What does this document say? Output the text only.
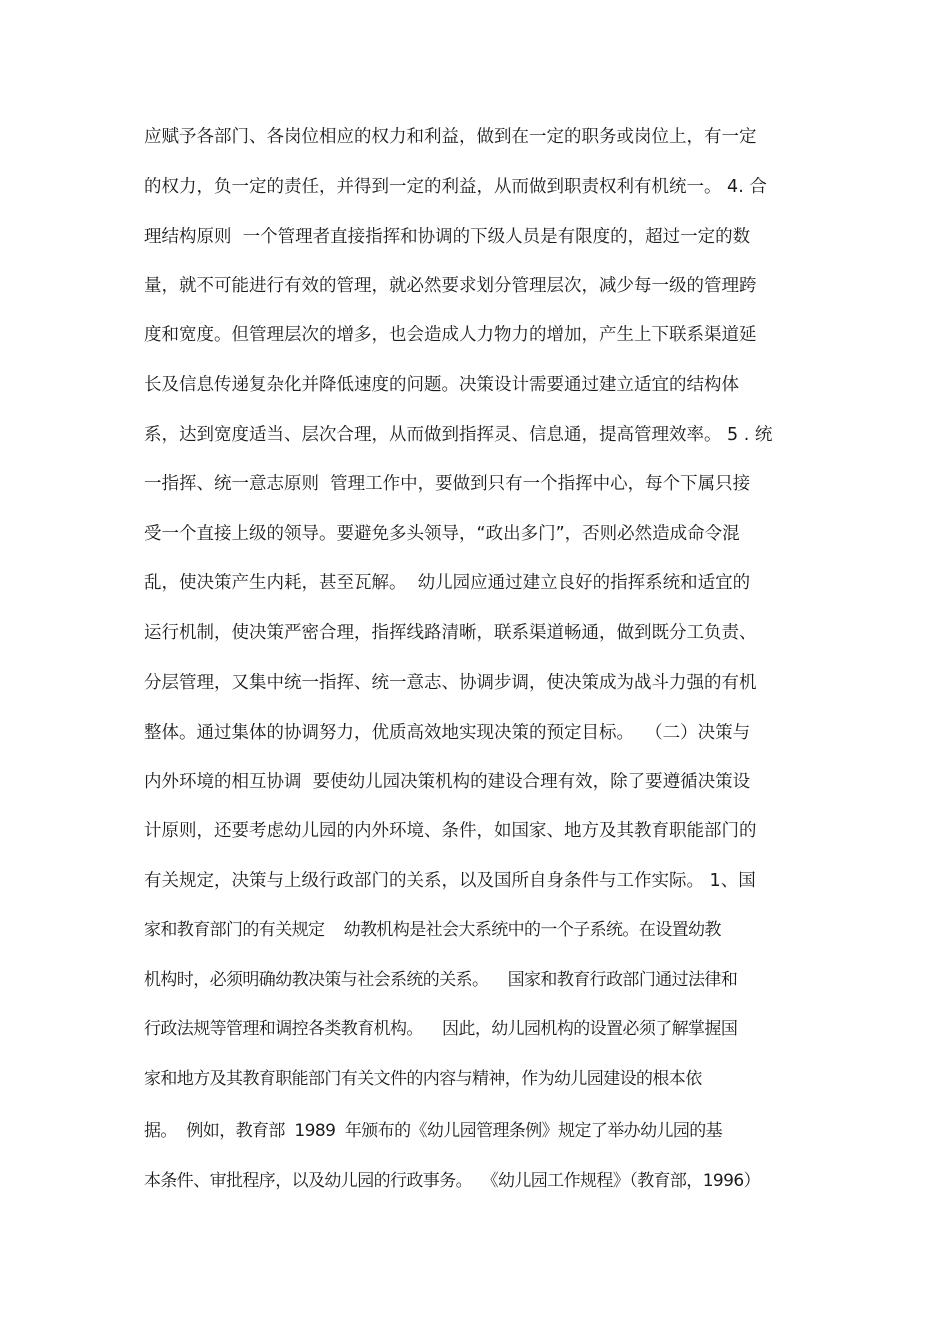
应赋予各部门、各岗位相应的权力和利益，做到在一定的职务或岗位上，有一定
的权力，负一定的责任，并得到一定的利益，从而做到职责权利有机统一。 4. 合
理结构原则  一个管理者直接指挥和协调的下级人员是有限度的，超过一定的数
量，就不可能进行有效的管理，就必然要求划分管理层次，减少每一级的管理跨
度和宽度。但管理层次的增多，也会造成人力物力的增加，产生上下联系渠道延
长及信息传递复杂化并降低速度的问题。决策设计需要通过建立适宜的结构体
系，达到宽度适当、层次合理，从而做到指挥灵、信息通，提高管理效率。 5 . 统
一指挥、统一意志原则  管理工作中，要做到只有一个指挥中心，每个下属只接
受一个直接上级的领导。要避免多头领导，“政出多门”，否则必然造成命令混
乱，使决策产生内耗，甚至瓦解。  幼儿园应通过建立良好的指挥系统和适宜的
运行机制，使决策严密合理，指挥线路清晰，联系渠道畅通，做到既分工负责、
分层管理，又集中统一指挥、统一意志、协调步调，使决策成为战斗力强的有机
整体。通过集体的协调努力，优质高效地实现决策的预定目标。  （二）决策与
内外环境的相互协调  要使幼儿园决策机构的建设合理有效，除了要遵循决策设
计原则，还要考虑幼儿园的内外环境、条件，如国家、地方及其教育职能部门的
有关规定，决策与上级行政部门的关系，以及国所自身条件与工作实际。 1、国
家和教育部门的有关规定    幼教机构是社会大系统中的一个子系统。在设置幼教
机构时，必须明确幼教决策与社会系统的关系。    国家和教育行政部门通过法律和
行政法规等管理和调控各类教育机构。    因此，幼儿园机构的设置必须了解掌握国
家和地方及其教育职能部门有关文件的内容与精神，作为幼儿园建设的根本依
据。  例如，教育部  1989  年颁布的《幼儿园管理条例》规定了举办幼儿园的基
本条件、审批程序，以及幼儿园的行政事务。  《幼儿园工作规程》（教育部，1996）
